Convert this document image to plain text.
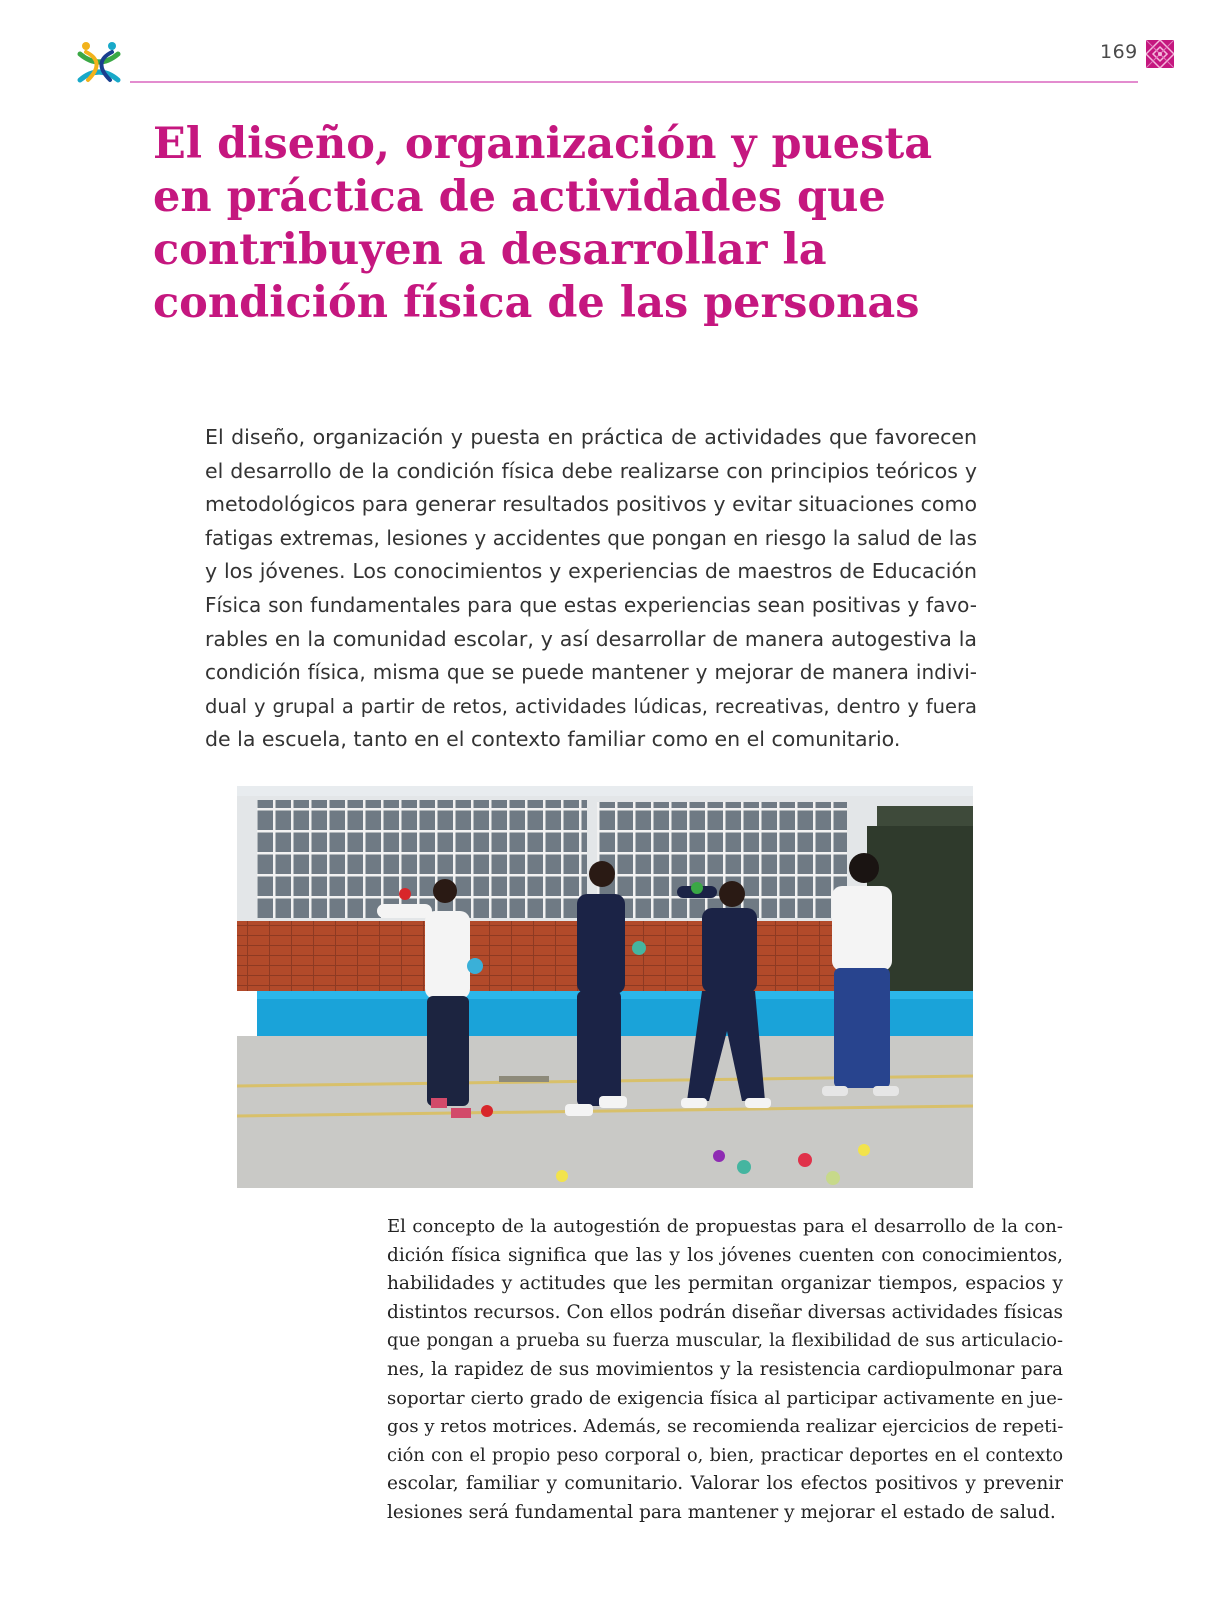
169
El diseño, organización y puesta
en práctica de actividades que
contribuyen a desarrollar la
condición física de las personas

El diseño, organización y puesta en práctica de actividades que favorecen
el desarrollo de la condición física debe realizarse con principios teóricos y
metodológicos para generar resultados positivos y evitar situaciones como
fatigas extremas, lesiones y accidentes que pongan en riesgo la salud de las
y los jóvenes. Los conocimientos y experiencias de maestros de Educación
Física son fundamentales para que estas experiencias sean positivas y favo-
rables en la comunidad escolar, y así desarrollar de manera autogestiva la
condición física, misma que se puede mantener y mejorar de manera indivi-
dual y grupal a partir de retos, actividades lúdicas, recreativas, dentro y fuera
de la escuela, tanto en el contexto familiar como en el comunitario.

El concepto de la autogestión de propuestas para el desarrollo de la con-
dición física significa que las y los jóvenes cuenten con conocimientos,
habilidades y actitudes que les permitan organizar tiempos, espacios y
distintos recursos. Con ellos podrán diseñar diversas actividades físicas
que pongan a prueba su fuerza muscular, la flexibilidad de sus articulacio-
nes, la rapidez de sus movimientos y la resistencia cardiopulmonar para
soportar cierto grado de exigencia física al participar activamente en jue-
gos y retos motrices. Además, se recomienda realizar ejercicios de repeti-
ción con el propio peso corporal o, bien, practicar deportes en el contexto
escolar, familiar y comunitario. Valorar los efectos positivos y prevenir
lesiones será fundamental para mantener y mejorar el estado de salud.
